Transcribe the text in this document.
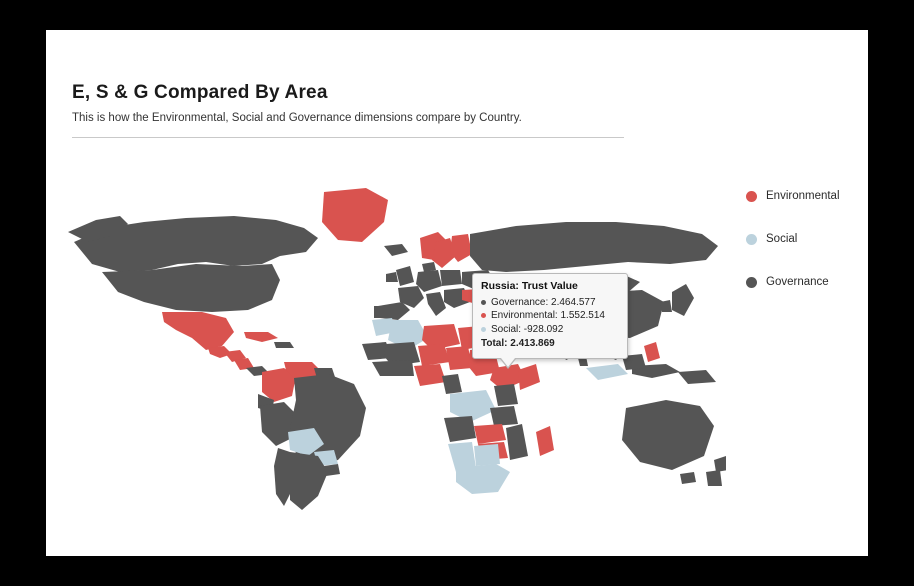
E, S & G Compared By Area
This is how the Environmental, Social and Governance dimensions compare by Country.
Russia: Trust Value
Governance: 2.464.577
Environmental: 1.552.514
Social: -928.092
Total: 2.413.869
Environmental
Social
Governance
